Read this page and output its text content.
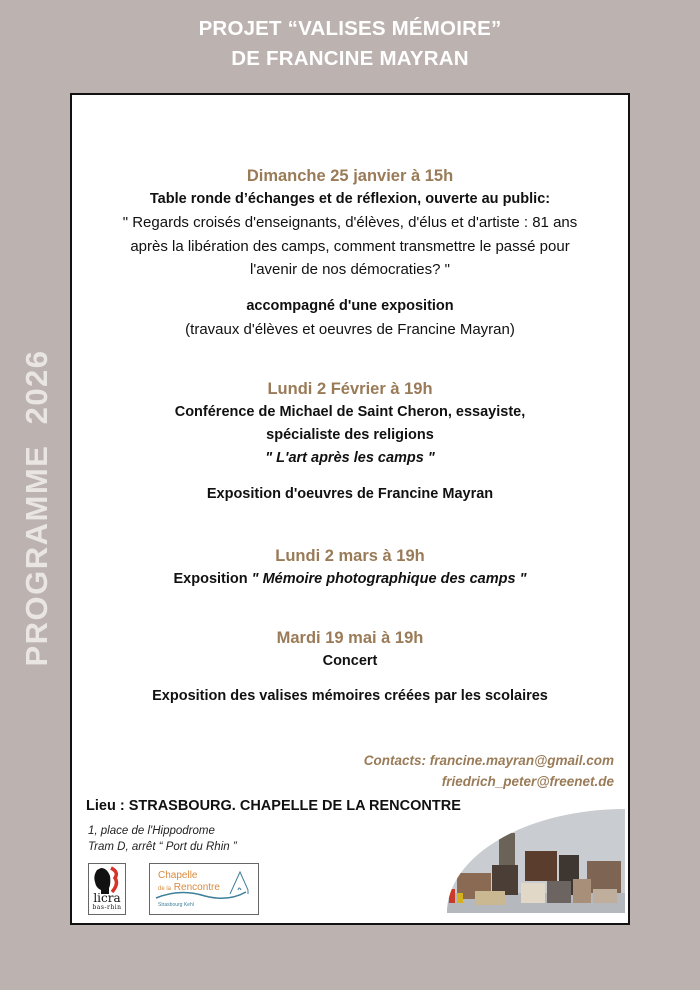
PROJET “VALISES MÉMOIRE”
DE FRANCINE MAYRAN
PROGRAMME  2026
Dimanche 25 janvier à 15h
Table ronde d’échanges et de réflexion, ouverte au public:
" Regards croisés d'enseignants, d'élèves, d'élus et d'artiste : 81 ans
après la libération des camps, comment transmettre le passé pour
l'avenir de nos démocraties? "
accompagné d'une exposition
(travaux d'élèves et oeuvres de Francine Mayran)
Lundi 2 Février à 19h
Conférence de Michael de Saint Cheron, essayiste,
spécialiste des religions
" L'art après les camps "
Exposition d'oeuvres de Francine Mayran
Lundi 2 mars à 19h
Exposition " Mémoire photographique des camps "
Mardi 19 mai à 19h
Concert
Exposition des valises mémoires créées par les scolaires
Contacts: francine.mayran@gmail.com
friedrich_peter@freenet.de
Lieu : STRASBOURG. CHAPELLE DE LA RENCONTRE
1, place de l'Hippodrome
Tram D, arrêt “ Port du Rhin ”
licra
bas-rhin
Chapelle
de la Rencontre
Strasbourg Kehl
